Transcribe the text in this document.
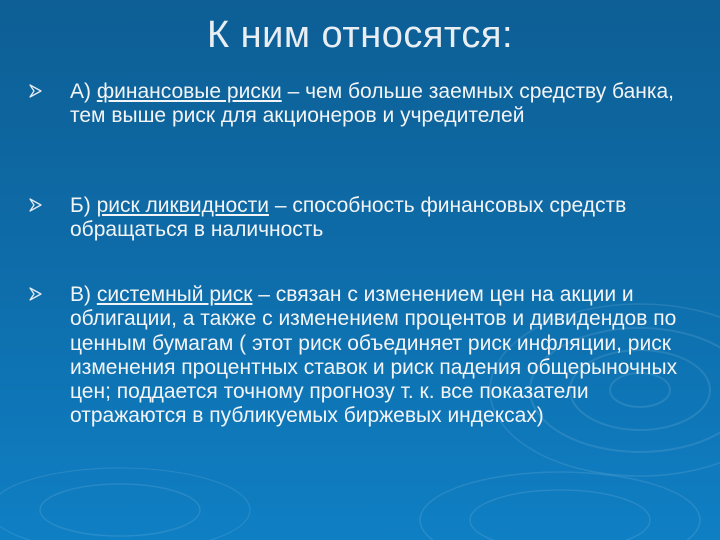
К ним относятся:
А) финансовые риски – чем больше заемных средству банка, тем выше риск для акционеров и учредителей
Б) риск ликвидности – способность финансовых средств обращаться в наличность
В) системный риск – связан с изменением цен на акции и облигации, а также с изменением процентов и дивидендов по ценным бумагам ( этот риск объединяет риск инфляции, риск изменения процентных ставок и риск падения общерыночных цен; поддается точному прогнозу т. к. все показатели отражаются в публикуемых биржевых индексах)
